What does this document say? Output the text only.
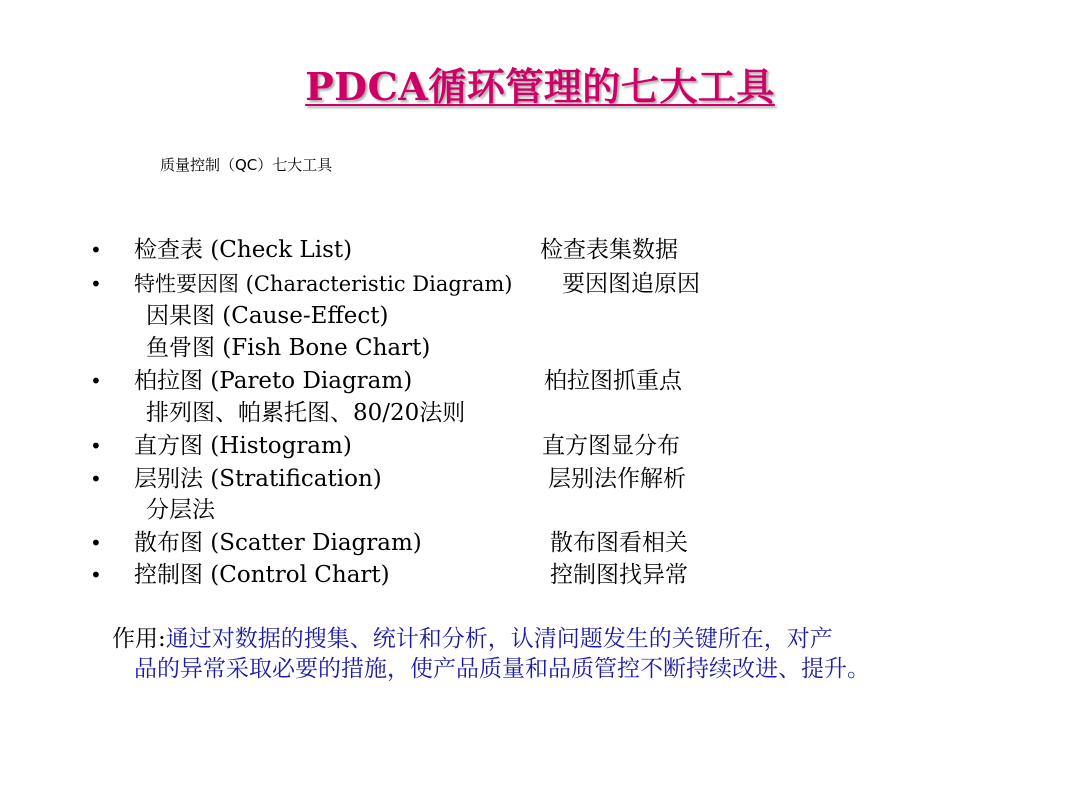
PDCA循环管理的七大工具
质量控制（QC）七大工具
• 检查表 (Check List)	检查表集数据
• 特性要因图 (Characteristic Diagram) 要因图追原因
因果图 (Cause-Effect)
鱼骨图 (Fish Bone Chart)
• 柏拉图 (Pareto Diagram)	柏拉图抓重点
排列图、帕累托图、80/20法则
• 直方图 (Histogram)	直方图显分布
• 层别法 (Stratification)	层别法作解析
分层法
• 散布图 (Scatter Diagram)	散布图看相关
• 控制图 (Control Chart)	控制图找异常
作用:通过对数据的搜集、统计和分析，认清问题发生的关键所在，对产
品的异常采取必要的措施，使产品质量和品质管控不断持续改进、提升。
